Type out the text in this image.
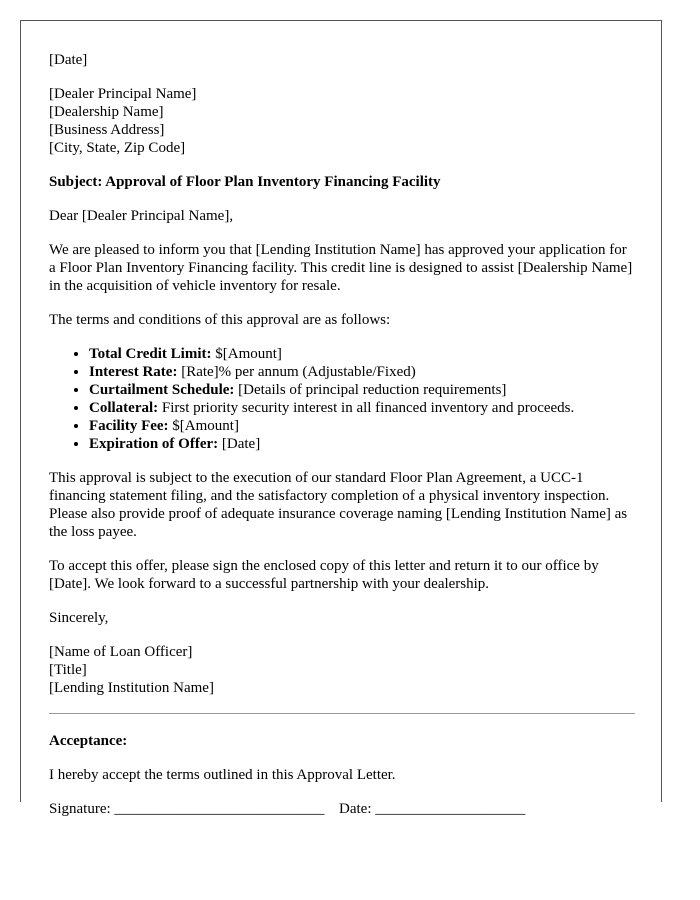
[Date]

[Dealer Principal Name]
[Dealership Name]
[Business Address]
[City, State, Zip Code]

Subject: Approval of Floor Plan Inventory Financing Facility

Dear [Dealer Principal Name],

We are pleased to inform you that [Lending Institution Name] has approved your application for a Floor Plan Inventory Financing facility. This credit line is designed to assist [Dealership Name] in the acquisition of vehicle inventory for resale.

The terms and conditions of this approval are as follows:

• Total Credit Limit: $[Amount]
• Interest Rate: [Rate]% per annum (Adjustable/Fixed)
• Curtailment Schedule: [Details of principal reduction requirements]
• Collateral: First priority security interest in all financed inventory and proceeds.
• Facility Fee: $[Amount]
• Expiration of Offer: [Date]

This approval is subject to the execution of our standard Floor Plan Agreement, a UCC-1 financing statement filing, and the satisfactory completion of a physical inventory inspection. Please also provide proof of adequate insurance coverage naming [Lending Institution Name] as the loss payee.

To accept this offer, please sign the enclosed copy of this letter and return it to our office by [Date]. We look forward to a successful partnership with your dealership.

Sincerely,

[Name of Loan Officer]
[Title]
[Lending Institution Name]

Acceptance:

I hereby accept the terms outlined in this Approval Letter.

Signature: ____________________________ Date: ____________________
